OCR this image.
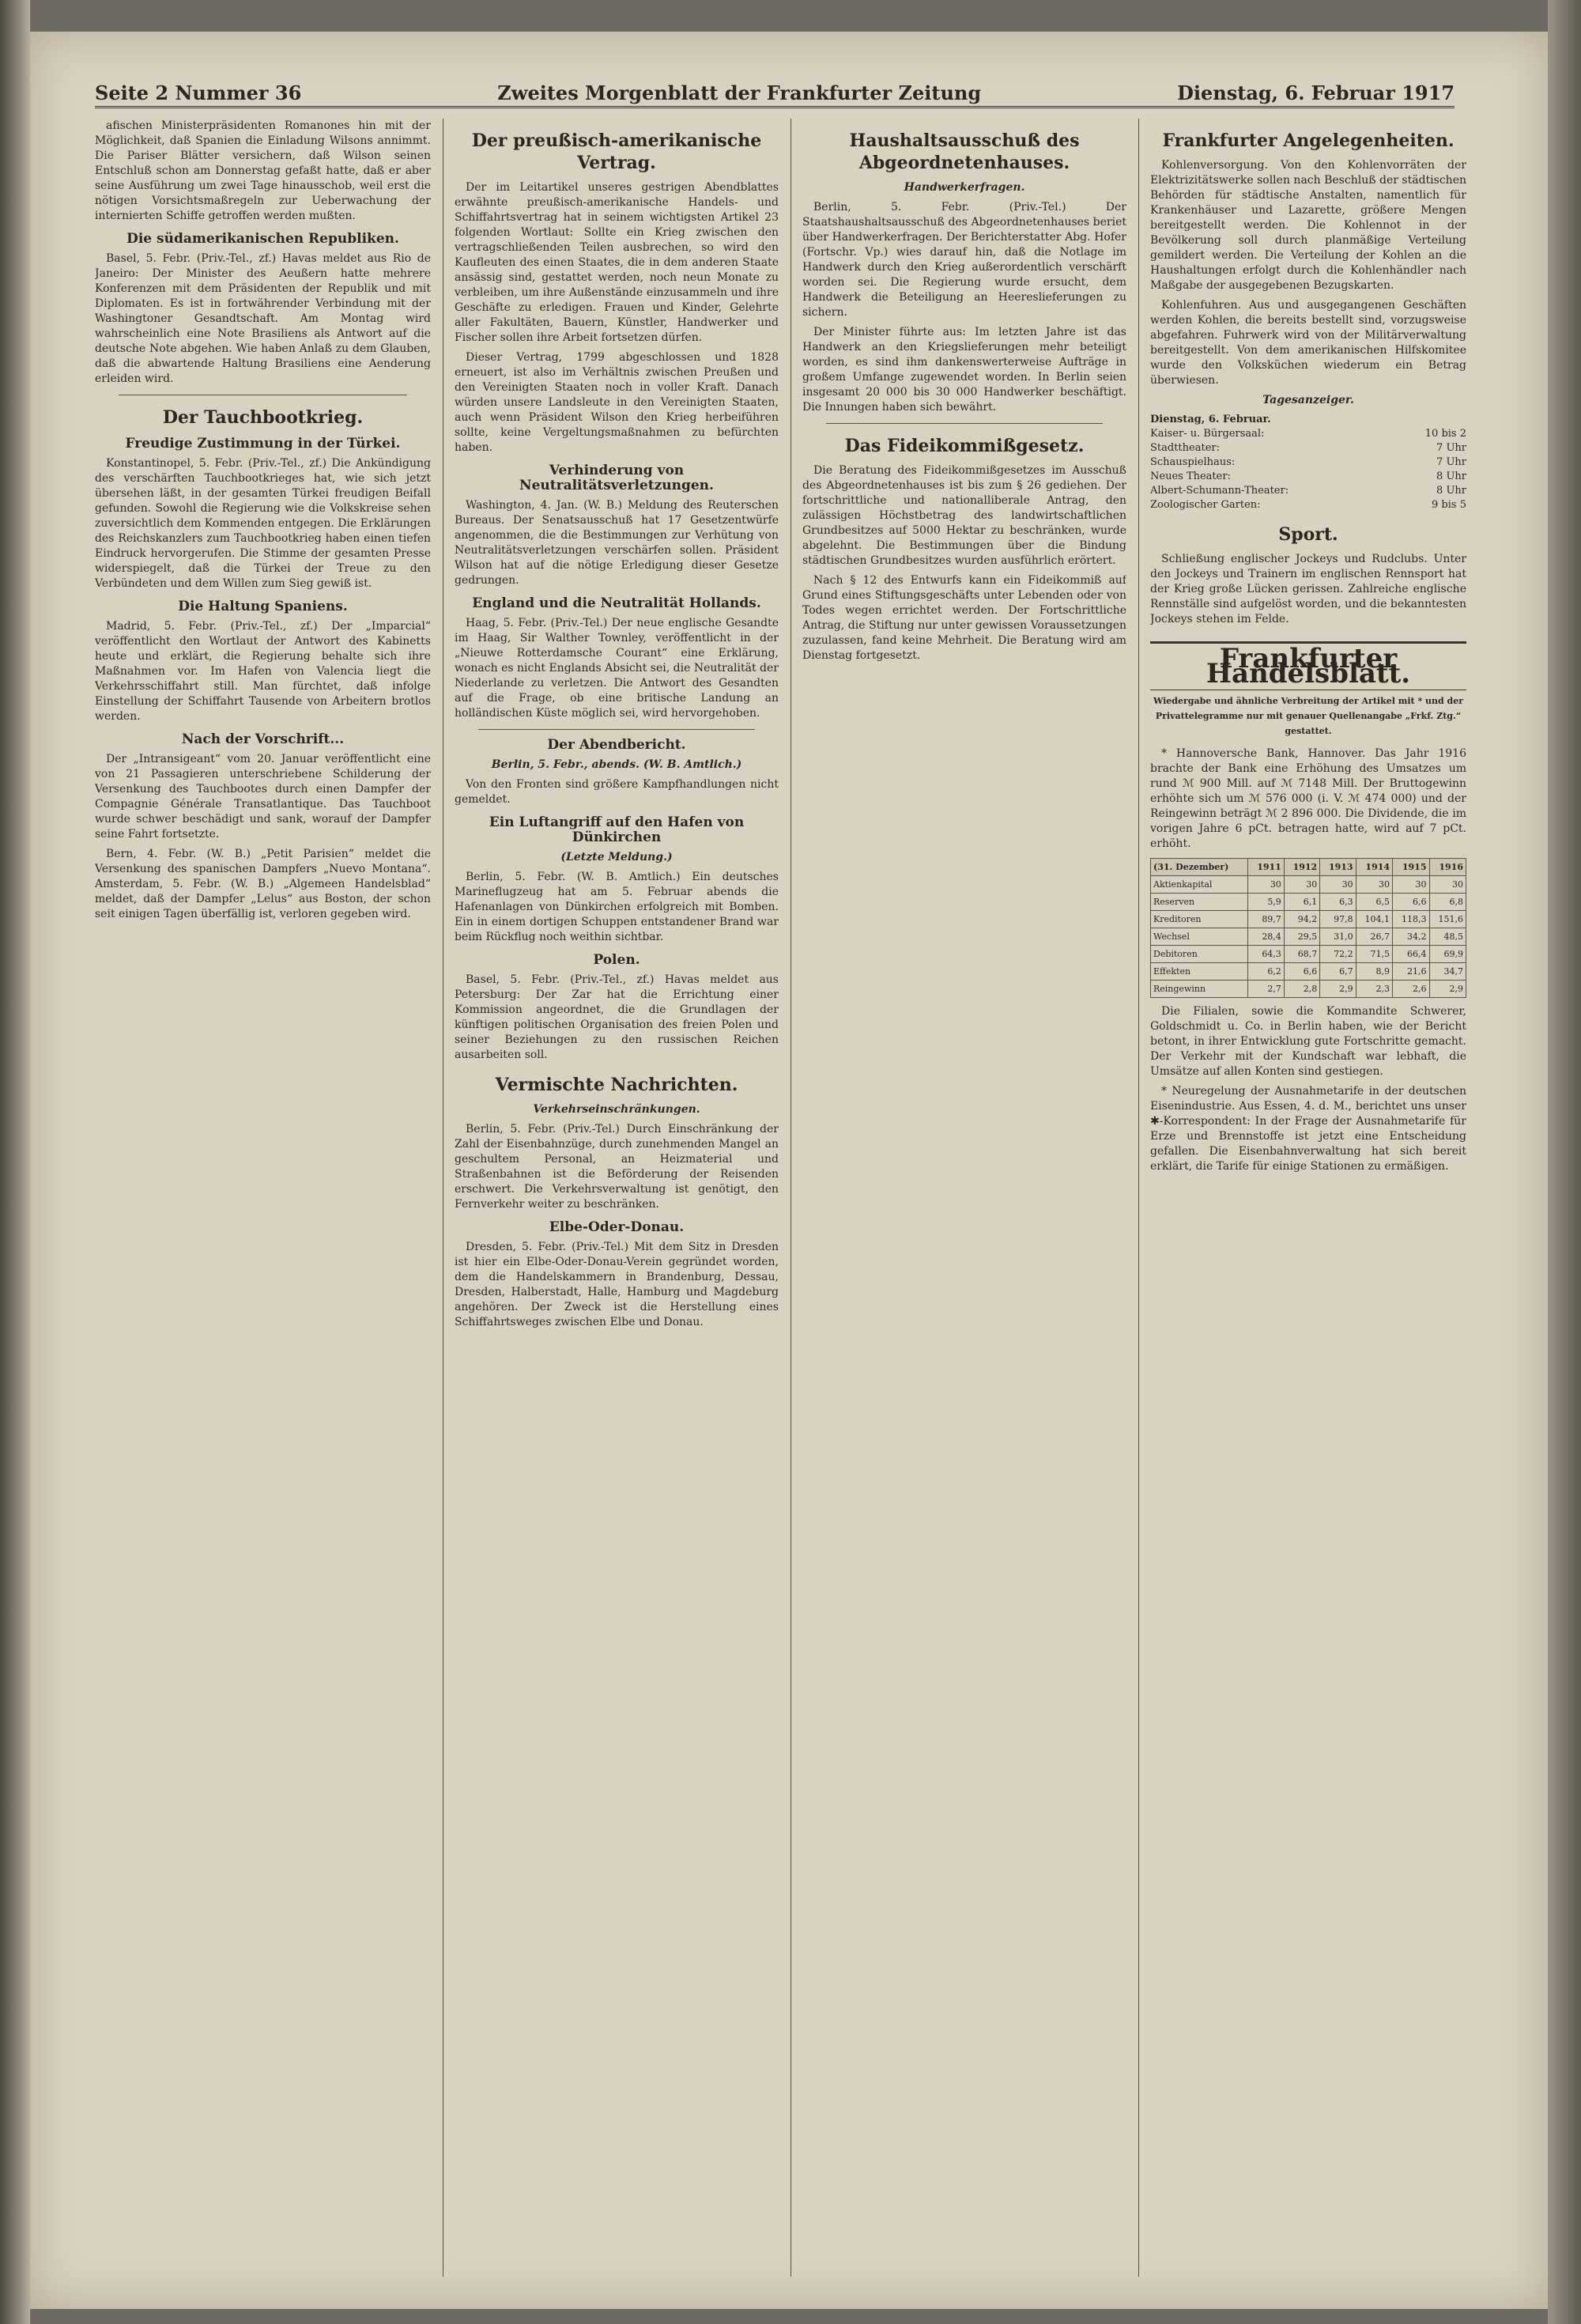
Seite 2 Nummer 36	Zweites Morgenblatt der Frankfurter Zeitung	Dienstag, 6. Februar 1917

afischen Ministerpräsidenten Romanones hin mit der Möglichkeit, daß Spanien die Einladung Wilsons annimmt. Die Pariser Blätter versichern, daß Wilson seinen Entschluß schon am Donnerstag gefaßt hatte, daß er aber seine Ausführung um zwei Tage hinausschob, weil erst die nötigen Vorsichtsmaßregeln zur Ueberwachung der internierten Schiffe getroffen werden mußten.

Die südamerikanischen Republiken.

Basel, 5. Febr. (Priv.-Tel., zf.) Havas meldet aus Rio de Janeiro: Der Minister des Aeußern hatte mehrere Konferenzen mit dem Präsidenten der Republik und mit Diplomaten. Es ist in fortwährender Verbindung mit der Washingtoner Gesandtschaft. Am Montag wird wahrscheinlich eine Note Brasiliens als Antwort auf die deutsche Note abgehen. Wie haben Anlaß zu dem Glauben, daß die abwartende Haltung Brasiliens eine Aenderung erleiden wird.

Der Tauchbootkrieg.
Freudige Zustimmung in der Türkei.

Konstantinopel, 5. Febr. (Priv.-Tel., zf.) Die Ankündigung des verschärften Tauchbootkrieges hat, wie sich jetzt übersehen läßt, in der gesamten Türkei freudigen Beifall gefunden. Sowohl die Regierung wie die Volkskreise sehen zuversichtlich dem Kommenden entgegen. Die Erklärungen des Reichskanzlers zum Tauchbootkrieg haben einen tiefen Eindruck hervorgerufen. Die Stimme der gesamten Presse widerspiegelt, daß die Türkei der Treue zu den Verbündeten und dem Willen zum Sieg gewiß ist.

Die Haltung Spaniens.

Madrid, 5. Febr. (Priv.-Tel., zf.) Der „Imparcial“ veröffentlicht den Wortlaut der Antwort des Kabinetts heute und erklärt, die Regierung behalte sich ihre Maßnahmen vor. Im Hafen von Valencia liegt die Verkehrsschiffahrt still. Man fürchtet, daß infolge Einstellung der Schiffahrt Tausende von Arbeitern brotlos werden.

Nach der Vorschrift...

Der „Intransigeant“ vom 20. Januar veröffentlicht eine von 21 Passagieren unterschriebene Schilderung der Versenkung des Tauchbootes durch einen Dampfer der Compagnie Générale Transatlantique. Das Tauchboot wurde schwer beschädigt und sank, worauf der Dampfer seine Fahrt fortsetzte.

Bern, 4. Febr. (W. B.) „Petit Parisien“ meldet die Versenkung des spanischen Dampfers „Nuevo Montana“. Amsterdam, 5. Febr. (W. B.) „Algemeen Handelsblad“ meldet, daß der Dampfer „Lelus“ aus Boston, der schon seit einigen Tagen überfällig ist, verloren gegeben wird.

Der preußisch-amerikanische Vertrag.

Der im Leitartikel unseres gestrigen Abendblattes erwähnte preußisch-amerikanische Handels- und Schiffahrtsvertrag hat in seinem wichtigsten Artikel 23 folgenden Wortlaut: Sollte ein Krieg zwischen den vertragschließenden Teilen ausbrechen, so wird den Kaufleuten des einen Staates, die in dem anderen Staate ansässig sind, gestattet werden, noch neun Monate zu verbleiben, um ihre Außenstände einzusammeln und ihre Geschäfte zu erledigen. Frauen und Kinder, Gelehrte aller Fakultäten, Bauern, Künstler, Handwerker und Fischer sollen ihre Arbeit fortsetzen dürfen.

Dieser Vertrag, 1799 abgeschlossen und 1828 erneuert, ist also im Verhältnis zwischen Preußen und den Vereinigten Staaten noch in voller Kraft. Danach würden unsere Landsleute in den Vereinigten Staaten, auch wenn Präsident Wilson den Krieg herbeiführen sollte, keine Vergeltungsmaßnahmen zu befürchten haben.

Verhinderung von Neutralitätsverletzungen.

Washington, 4. Jan. (W. B.) Meldung des Reuterschen Bureaus. Der Senatsausschuß hat 17 Gesetzentwürfe angenommen, die die Bestimmungen zur Verhütung von Neutralitätsverletzungen verschärfen sollen. Präsident Wilson hat auf die nötige Erledigung dieser Gesetze gedrungen.

England und die Neutralität Hollands.

Haag, 5. Febr. (Priv.-Tel.) Der neue englische Gesandte im Haag, Sir Walther Townley, veröffentlicht in der „Nieuwe Rotterdamsche Courant“ eine Erklärung, wonach es nicht Englands Absicht sei, die Neutralität der Niederlande zu verletzen. Die Antwort des Gesandten auf die Frage, ob eine britische Landung an holländischen Küste möglich sei, wird hervorgehoben.

Der Abendbericht.
Berlin, 5. Febr., abends. (W. B. Amtlich.)

Von den Fronten sind größere Kampfhandlungen nicht gemeldet.

Ein Luftangriff auf den Hafen von Dünkirchen
(Letzte Meldung.)

Berlin, 5. Febr. (W. B. Amtlich.) Ein deutsches Marineflugzeug hat am 5. Februar abends die Hafenanlagen von Dünkirchen erfolgreich mit Bomben. Ein in einem dortigen Schuppen entstandener Brand war beim Rückflug noch weithin sichtbar.

Polen.

Basel, 5. Febr. (Priv.-Tel., zf.) Havas meldet aus Petersburg: Der Zar hat die Errichtung einer Kommission angeordnet, die die Grundlagen der künftigen politischen Organisation des freien Polen und seiner Beziehungen zu den russischen Reichen ausarbeiten soll.

Vermischte Nachrichten.
Verkehrseinschränkungen.

Berlin, 5. Febr. (Priv.-Tel.) Durch Einschränkung der Zahl der Eisenbahnzüge, durch zunehmenden Mangel an geschultem Personal, an Heizmaterial und Straßenbahnen ist die Beförderung der Reisenden erschwert. Die Verkehrsverwaltung ist genötigt, den Fernverkehr weiter zu beschränken.

Elbe-Oder-Donau.

Dresden, 5. Febr. (Priv.-Tel.) Mit dem Sitz in Dresden ist hier ein Elbe-Oder-Donau-Verein gegründet worden, dem die Handelskammern in Brandenburg, Dessau, Dresden, Halberstadt, Halle, Hamburg und Magdeburg angehören. Der Zweck ist die Herstellung eines Schiffahrtsweges zwischen Elbe und Donau.

Haushaltsausschuß des Abgeordnetenhauses.
Handwerkerfragen.

Berlin, 5. Febr. (Priv.-Tel.) Der Staatshaushaltsausschuß des Abgeordnetenhauses beriet über Handwerkerfragen. Der Berichterstatter Abg. Hofer (Fortschr. Vp.) wies darauf hin, daß die Notlage im Handwerk durch den Krieg außerordentlich verschärft worden sei. Die Regierung wurde ersucht, dem Handwerk die Beteiligung an Heereslieferungen zu sichern.

Der Minister führte aus: Im letzten Jahre ist das Handwerk an den Kriegslieferungen mehr beteiligt worden, es sind ihm dankenswerterweise Aufträge in großem Umfange zugewendet worden. In Berlin seien insgesamt 20 000 bis 30 000 Handwerker beschäftigt. Die Innungen haben sich bewährt.

Das Fideikommißgesetz.

Die Beratung des Fideikommißgesetzes im Ausschuß des Abgeordnetenhauses ist bis zum § 26 gediehen. Der fortschrittliche und nationalliberale Antrag, den zulässigen Höchstbetrag des landwirtschaftlichen Grundbesitzes auf 5000 Hektar zu beschränken, wurde abgelehnt. Die Bestimmungen über die Bindung städtischen Grundbesitzes wurden ausführlich erörtert.

Nach § 12 des Entwurfs kann ein Fideikommiß auf Grund eines Stiftungsgeschäfts unter Lebenden oder von Todes wegen errichtet werden. Der Fortschrittliche Antrag, die Stiftung nur unter gewissen Voraussetzungen zuzulassen, fand keine Mehrheit. Die Beratung wird am Dienstag fortgesetzt.

Frankfurter Angelegenheiten.

Kohlenversorgung. Von den Kohlenvorräten der Elektrizitätswerke sollen nach Beschluß der städtischen Behörden für städtische Anstalten, namentlich für Krankenhäuser und Lazarette, größere Mengen bereitgestellt werden. Die Kohlennot in der Bevölkerung soll durch planmäßige Verteilung gemildert werden. Die Verteilung der Kohlen an die Haushaltungen erfolgt durch die Kohlenhändler nach Maßgabe der ausgegebenen Bezugskarten.

Kohlenfuhren. Aus und ausgegangenen Geschäften werden Kohlen, die bereits bestellt sind, vorzugsweise abgefahren. Fuhrwerk wird von der Militärverwaltung bereitgestellt. Von dem amerikanischen Hilfskomitee wurde den Volksküchen wiederum ein Betrag überwiesen.

Tagesanzeiger.
Dienstag, 6. Februar.
Kaiser- u. Bürgersaal:	10 bis 2
Stadttheater:	7 Uhr
Schauspielhaus:	7 Uhr
Neues Theater:	8 Uhr
Albert-Schumann-Theater:	8 Uhr
Zoologischer Garten:	9 bis 5
Sport.

Schließung englischer Jockeys und Rudclubs. Unter den Jockeys und Trainern im englischen Rennsport hat der Krieg große Lücken gerissen. Zahlreiche englische Rennställe sind aufgelöst worden, und die bekanntesten Jockeys stehen im Felde.

Frankfurter Handelsblatt.
Wiedergabe und ähnliche Verbreitung der Artikel mit * und der Privattelegramme nur mit genauer Quellenangabe „Frkf. Ztg.“ gestattet.

* Hannoversche Bank, Hannover. Das Jahr 1916 brachte der Bank eine Erhöhung des Umsatzes um rund ℳ 900 Mill. auf ℳ 7148 Mill. Der Bruttogewinn erhöhte sich um ℳ 576 000 (i. V. ℳ 474 000) und der Reingewinn beträgt ℳ 2 896 000. Die Dividende, die im vorigen Jahre 6 pCt. betragen hatte, wird auf 7 pCt. erhöht.

(31. Dezember)	1911	1912	1913	1914	1915	1916
Aktienkapital	30	30	30	30	30	30
Reserven	5,9	6,1	6,3	6,5	6,6	6,8
Kreditoren	89,7	94,2	97,8	104,1	118,3	151,6
Wechsel	28,4	29,5	31,0	26,7	34,2	48,5
Debitoren	64,3	68,7	72,2	71,5	66,4	69,9
Effekten	6,2	6,6	6,7	8,9	21,6	34,7
Reingewinn	2,7	2,8	2,9	2,3	2,6	2,9

Die Filialen, sowie die Kommandite Schwerer, Goldschmidt u. Co. in Berlin haben, wie der Bericht betont, in ihrer Entwicklung gute Fortschritte gemacht. Der Verkehr mit der Kundschaft war lebhaft, die Umsätze auf allen Konten sind gestiegen.

* Neuregelung der Ausnahmetarife in der deutschen Eisenindustrie. Aus Essen, 4. d. M., berichtet uns unser ✱-Korrespondent: In der Frage der Ausnahmetarife für Erze und Brennstoffe ist jetzt eine Entscheidung gefallen. Die Eisenbahnverwaltung hat sich bereit erklärt, die Tarife für einige Stationen zu ermäßigen.
